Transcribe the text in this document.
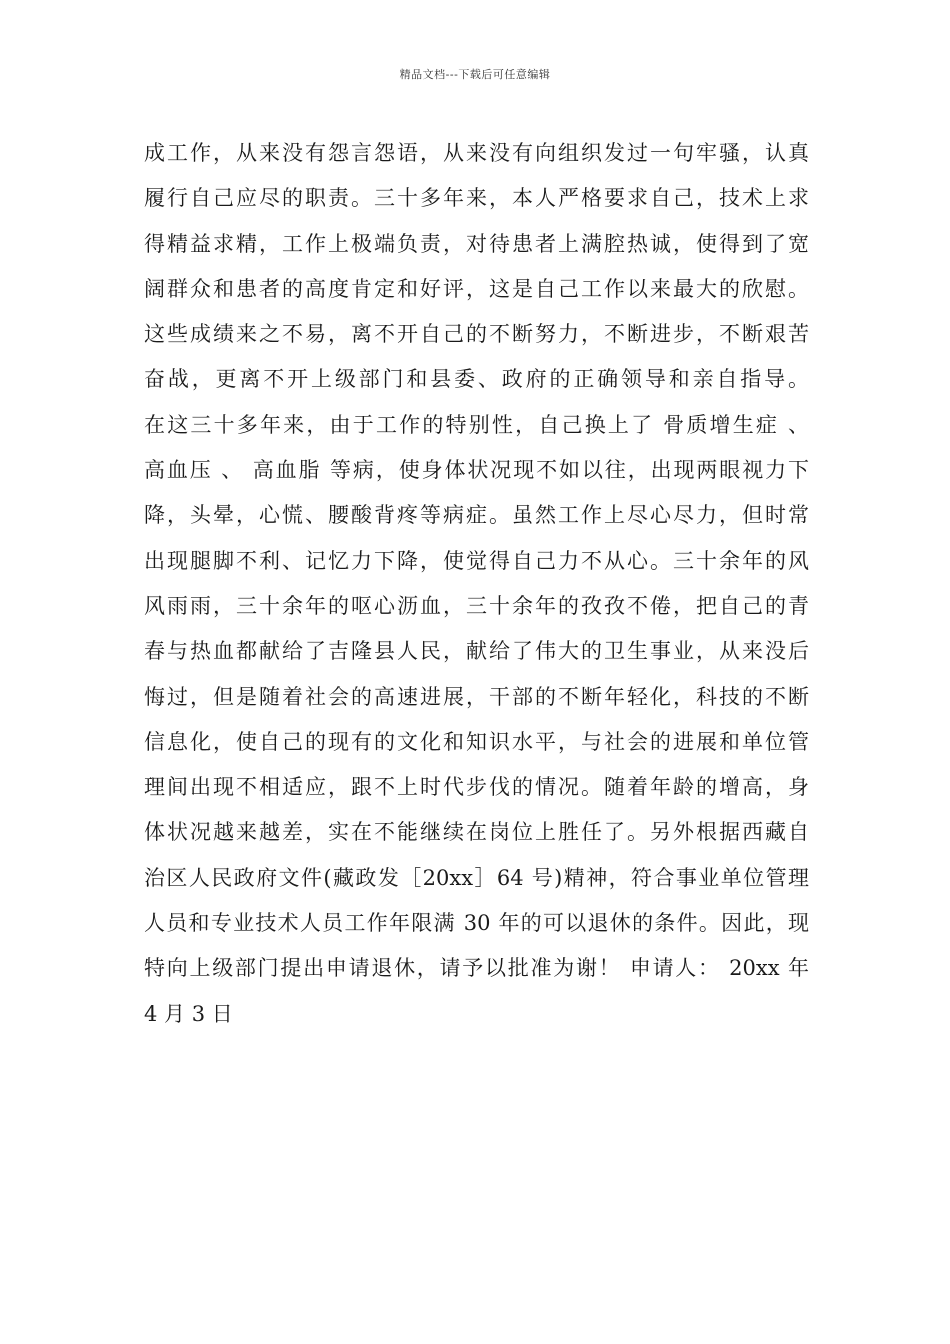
精品文档---下载后可任意编辑
成工作，从来没有怨言怨语，从来没有向组织发过一句牢骚，认真
履行自己应尽的职责。三十多年来，本人严格要求自己，技术上求
得精益求精，工作上极端负责，对待患者上满腔热诚，使得到了宽
阔群众和患者的高度肯定和好评，这是自己工作以来最大的欣慰。
这些成绩来之不易，离不开自己的不断努力，不断进步，不断艰苦
奋战，更离不开上级部门和县委、政府的正确领导和亲自指导。
在这三十多年来，由于工作的特别性，自己换上了 骨质增生症 、
高血压 、 高血脂 等病，使身体状况现不如以往，出现两眼视力下
降，头晕，心慌、腰酸背疼等病症。虽然工作上尽心尽力，但时常
出现腿脚不利、记忆力下降，使觉得自己力不从心。三十余年的风
风雨雨，三十余年的呕心沥血，三十余年的孜孜不倦，把自己的青
春与热血都献给了吉隆县人民，献给了伟大的卫生事业，从来没后
悔过，但是随着社会的高速进展，干部的不断年轻化，科技的不断
信息化，使自己的现有的文化和知识水平，与社会的进展和单位管
理间出现不相适应，跟不上时代步伐的情况。随着年龄的增高，身
体状况越来越差，实在不能继续在岗位上胜任了。另外根据西藏自
治区人民政府文件(藏政发［20xx］64 号)精神，符合事业单位管理
人员和专业技术人员工作年限满 30 年的可以退休的条件。因此，现
特向上级部门提出申请退休，请予以批准为谢！ 申请人： 20xx 年
4 月 3 日
